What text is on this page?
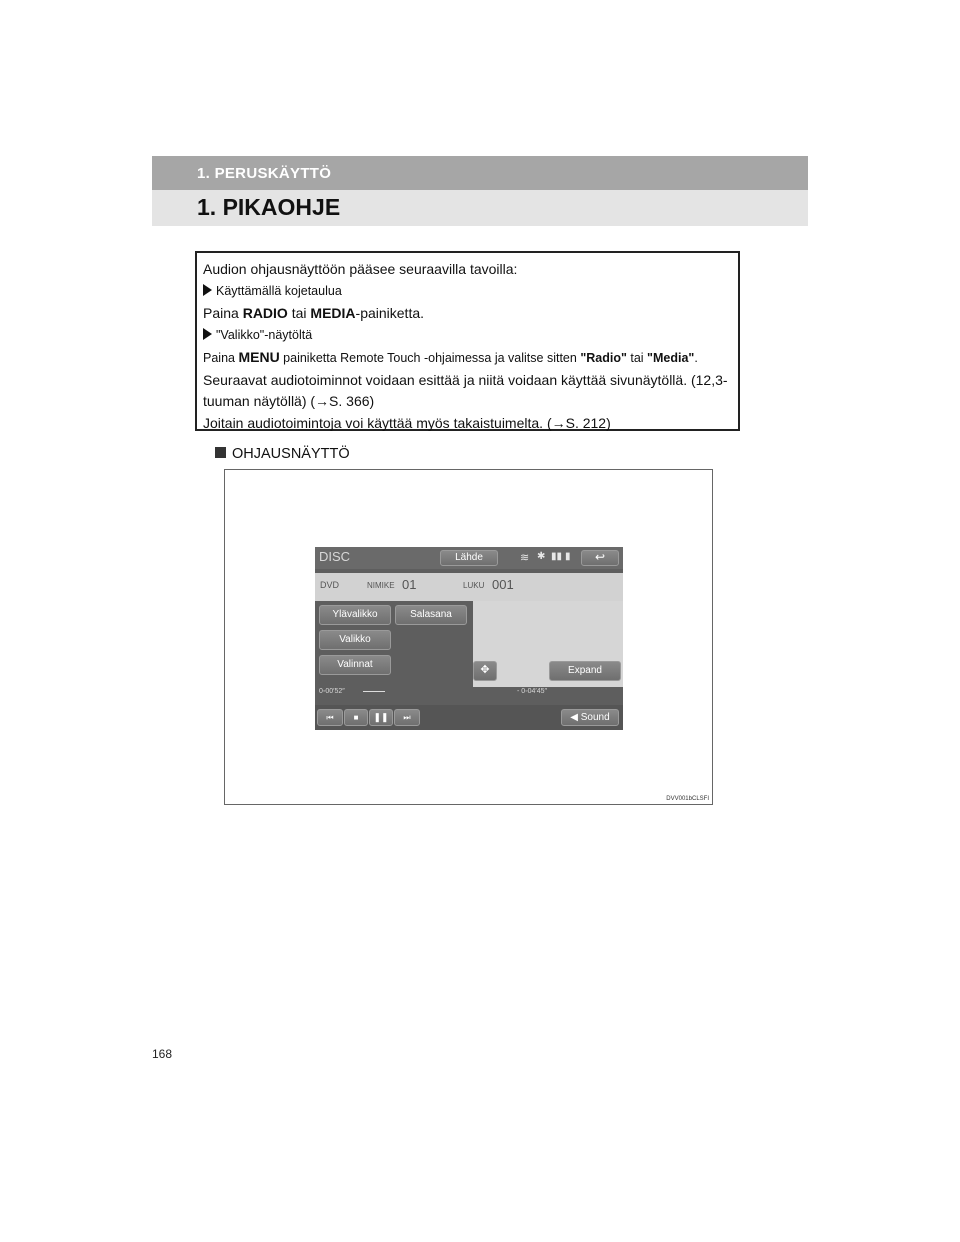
1. PERUSKÄYTTÖ
1. PIKAOHJE

Audion ohjausnäyttöön pääsee seuraavilla tavoilla:

Käyttämällä kojetaulua

Paina RADIO tai MEDIA-painiketta.

"Valikko"-näytöltä

Paina MENU painiketta Remote Touch -ohjaimessa ja valitse sitten "Radio" tai "Media".

Seuraavat audiotoiminnot voidaan esittää ja niitä voidaan käyttää sivunäytöllä. (12,3-tuuman näytöllä) (→S. 366)

Joitain audiotoimintoja voi käyttää myös takaistuimelta. (→S. 212)

OHJAUSNÄYTTÖ
DISC	Lähde	≋ ✱ ▮▮ ▮	↩
DVD	NIMIKE 01	LUKU 001
Ylävalikko	Salasana
Valikko
Valinnat	✥	Expand
0◦00′52″	- 0◦04′45″
⏮	■	❚❚	⏭	◀ Sound
DVV001bCLSFI
168
